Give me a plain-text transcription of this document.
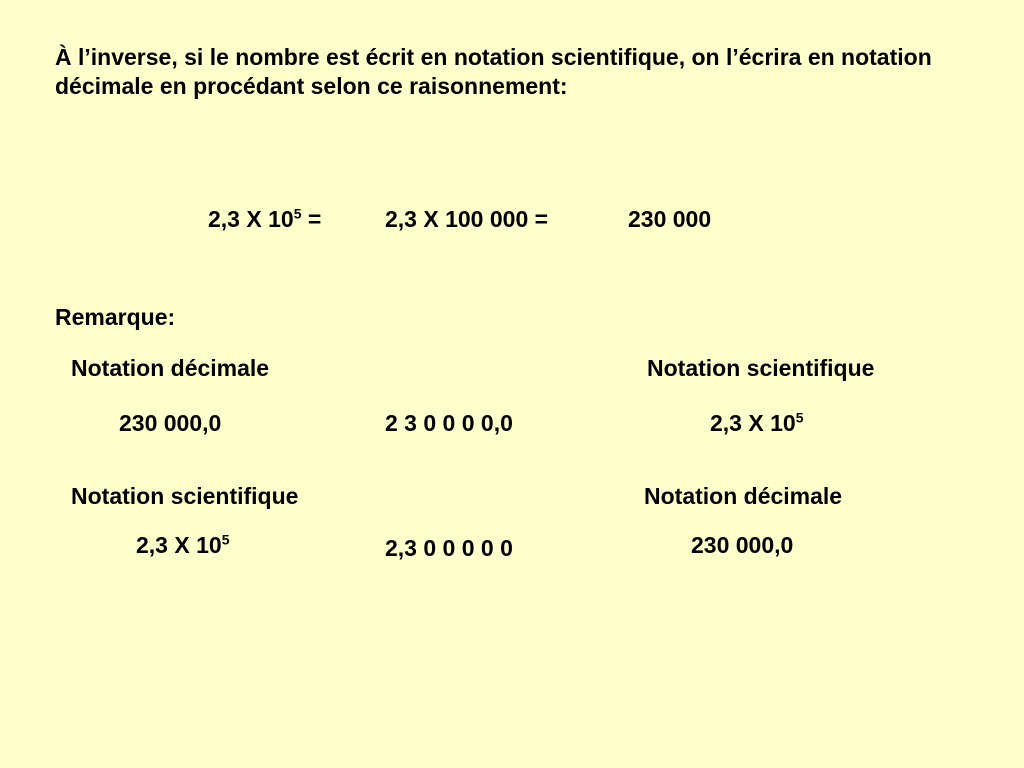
À l’inverse, si le nombre est écrit en notation scientifique, on l’écrira en notation décimale en procédant selon ce raisonnement:
2,3 X $10^5$ =	2,3 X 100 000 =	230 000
Remarque:
Notation décimale	Notation scientifique
230 000,0	2 3 0 0 0 0,0	2,3 X $10^5$
Notation scientifique	Notation décimale
2,3 X $10^5$	2,3 0 0 0 0 0	230 000,0
